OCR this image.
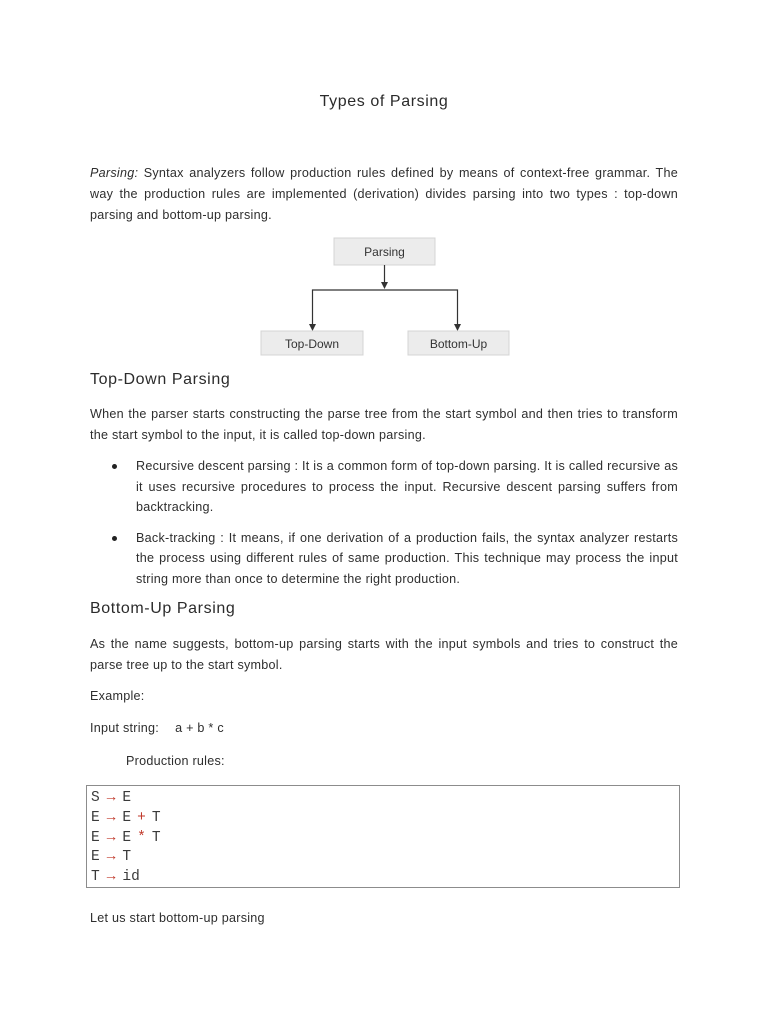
Types of Parsing
Parsing: Syntax analyzers follow production rules defined by means of context-free grammar. The way the production rules are implemented (derivation) divides parsing into two types : top-down parsing and bottom-up parsing.
Parsing
Top-Down	Bottom-Up
Top-Down Parsing
When the parser starts constructing the parse tree from the start symbol and then tries to transform the start symbol to the input, it is called top-down parsing.
Recursive descent parsing : It is a common form of top-down parsing. It is called recursive as it uses recursive procedures to process the input. Recursive descent parsing suffers from backtracking.
Back-tracking : It means, if one derivation of a production fails, the syntax analyzer restarts the process using different rules of same production. This technique may process the input string more than once to determine the right production.
Bottom-Up Parsing
As the name suggests, bottom-up parsing starts with the input symbols and tries to construct the parse tree up to the start symbol.
Example:
Input string: a + b * c
Production rules:
S → E
E → E + T
E → E * T
E → T
T → id
Let us start bottom-up parsing
